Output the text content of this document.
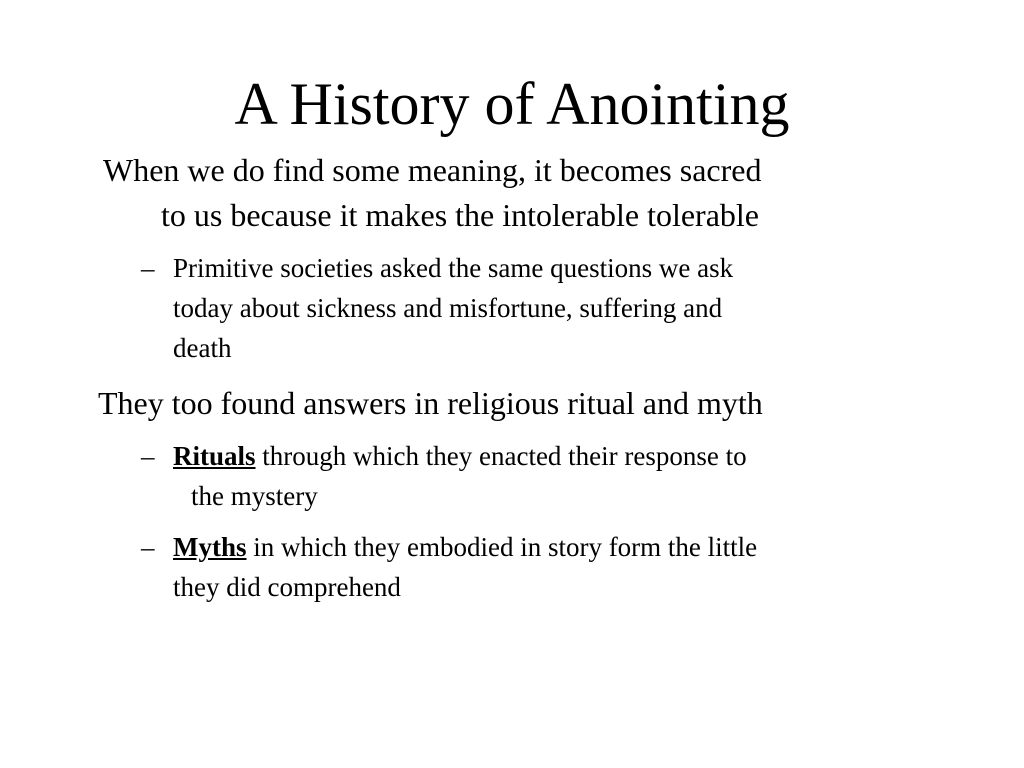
A History of Anointing
When we do find some meaning, it becomes sacred
to us because it makes the intolerable tolerable
– Primitive societies asked the same questions we ask
today about sickness and misfortune, suffering and
death
They too found answers in religious ritual and myth
– Rituals through which they enacted their response to
the mystery
– Myths in which they embodied in story form the little
they did comprehend
